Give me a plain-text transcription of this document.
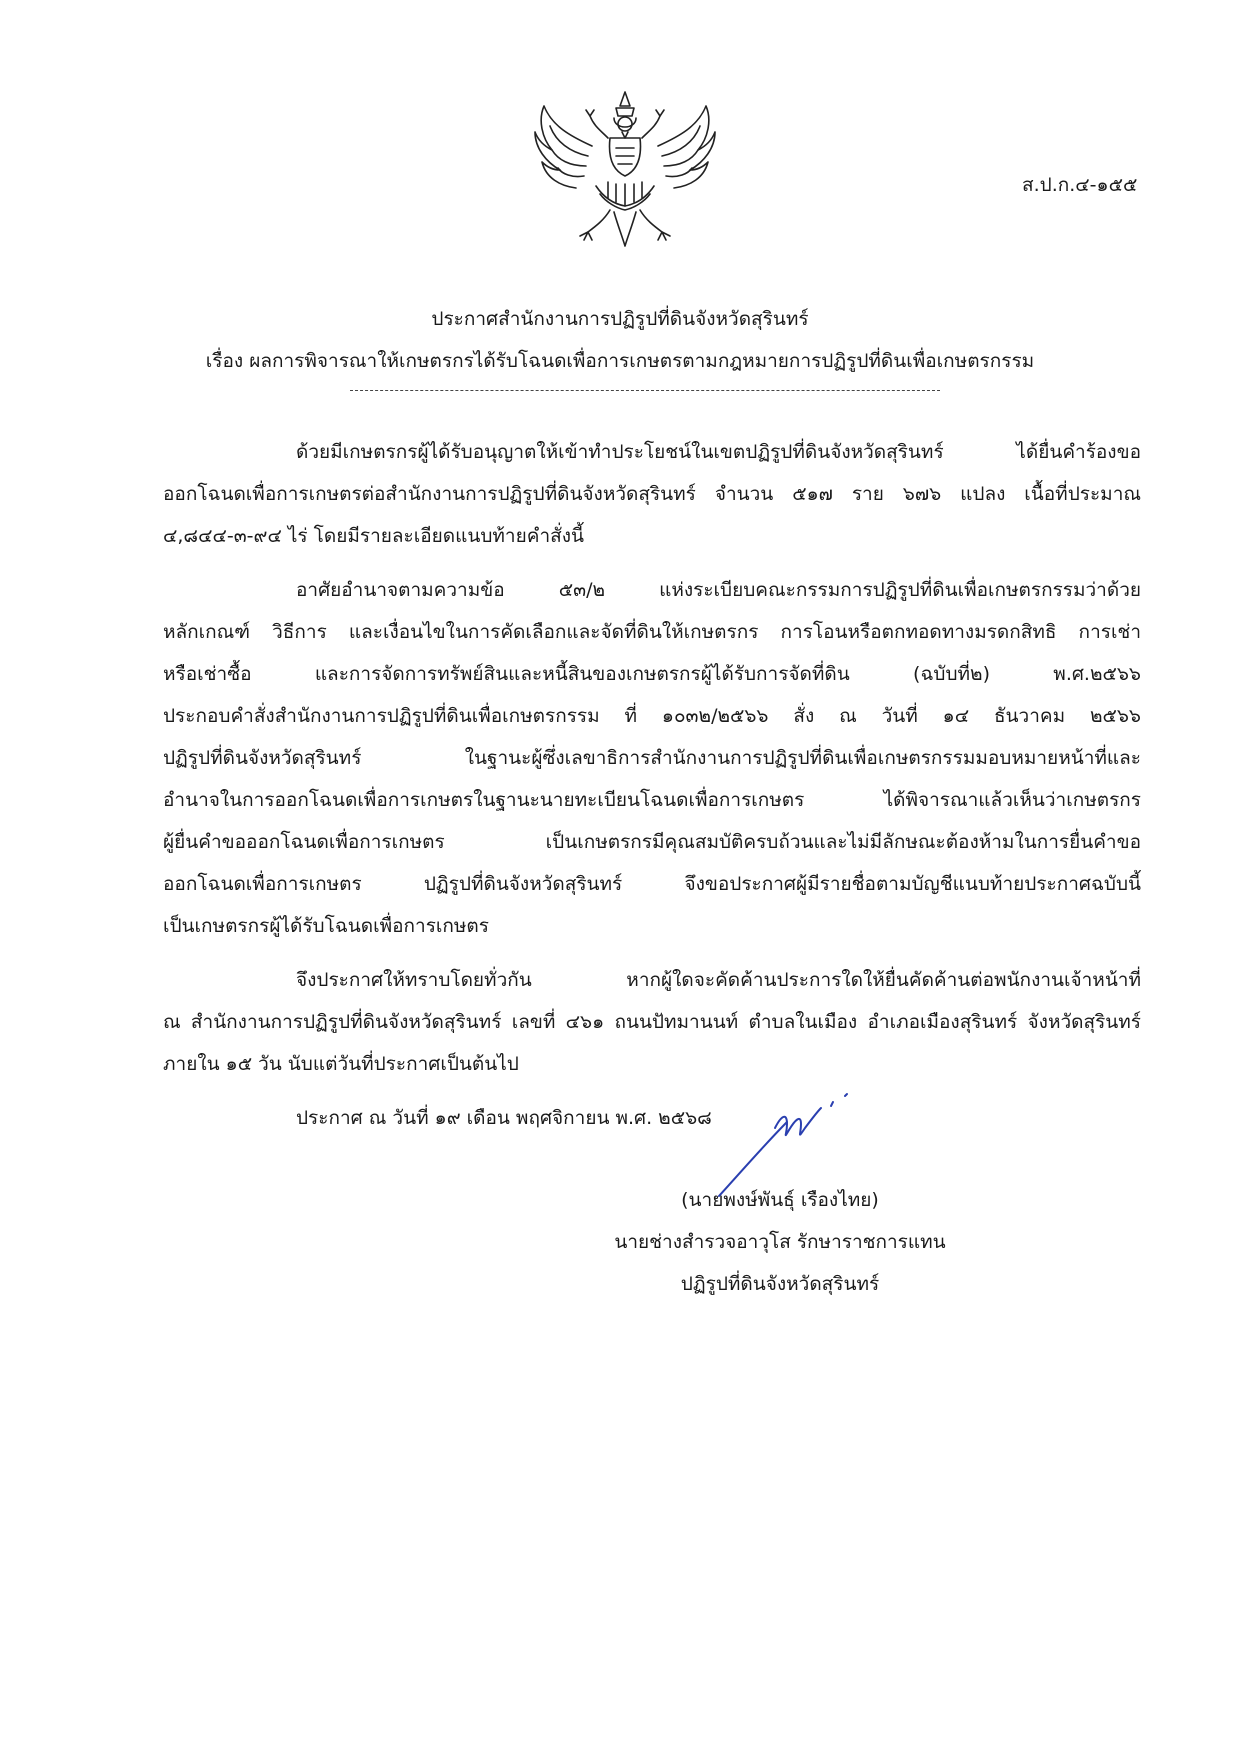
ส.ป.ก.๔-๑๕๕
ประกาศสำนักงานการปฏิรูปที่ดินจังหวัดสุรินทร์
เรื่อง ผลการพิจารณาให้เกษตรกรได้รับโฉนดเพื่อการเกษตรตามกฎหมายการปฏิรูปที่ดินเพื่อเกษตรกรรม
ด้วยมีเกษตรกรผู้ได้รับอนุญาตให้เข้าทำประโยชน์ในเขตปฏิรูปที่ดินจังหวัดสุรินทร์ ได้ยื่นคำร้องขอ
ออกโฉนดเพื่อการเกษตรต่อสำนักงานการปฏิรูปที่ดินจังหวัดสุรินทร์ จำนวน ๕๑๗ ราย ๖๗๖ แปลง เนื้อที่ประมาณ
๔,๘๔๔-๓-๙๔ ไร่ โดยมีรายละเอียดแนบท้ายคำสั่งนี้
อาศัยอำนาจตามความข้อ ๕๓/๒ แห่งระเบียบคณะกรรมการปฏิรูปที่ดินเพื่อเกษตรกรรมว่าด้วย
หลักเกณฑ์ วิธีการ และเงื่อนไขในการคัดเลือกและจัดที่ดินให้เกษตรกร การโอนหรือตกทอดทางมรดกสิทธิ การเช่า
หรือเช่าซื้อ และการจัดการทรัพย์สินและหนี้สินของเกษตรกรผู้ได้รับการจัดที่ดิน (ฉบับที่๒) พ.ศ.๒๕๖๖
ประกอบคำสั่งสำนักงานการปฏิรูปที่ดินเพื่อเกษตรกรรม ที่ ๑๐๓๒/๒๕๖๖ สั่ง ณ วันที่ ๑๔ ธันวาคม ๒๕๖๖
ปฏิรูปที่ดินจังหวัดสุรินทร์ ในฐานะผู้ซึ่งเลขาธิการสำนักงานการปฏิรูปที่ดินเพื่อเกษตรกรรมมอบหมายหน้าที่และ
อำนาจในการออกโฉนดเพื่อการเกษตรในฐานะนายทะเบียนโฉนดเพื่อการเกษตร ได้พิจารณาแล้วเห็นว่าเกษตรกร
ผู้ยื่นคำขอออกโฉนดเพื่อการเกษตร เป็นเกษตรกรมีคุณสมบัติครบถ้วนและไม่มีลักษณะต้องห้ามในการยื่นคำขอ
ออกโฉนดเพื่อการเกษตร ปฏิรูปที่ดินจังหวัดสุรินทร์ จึงขอประกาศผู้มีรายชื่อตามบัญชีแนบท้ายประกาศฉบับนี้
เป็นเกษตรกรผู้ได้รับโฉนดเพื่อการเกษตร
จึงประกาศให้ทราบโดยทั่วกัน หากผู้ใดจะคัดค้านประการใดให้ยื่นคัดค้านต่อพนักงานเจ้าหน้าที่
ณ สำนักงานการปฏิรูปที่ดินจังหวัดสุรินทร์ เลขที่ ๔๖๑ ถนนปัทมานนท์ ตำบลในเมือง อำเภอเมืองสุรินทร์ จังหวัดสุรินทร์
ภายใน ๑๕ วัน นับแต่วันที่ประกาศเป็นต้นไป
ประกาศ ณ วันที่ ๑๙ เดือน พฤศจิกายน พ.ศ. ๒๕๖๘
(นายพงษ์พันธุ์ เรืองไทย)
นายช่างสำรวจอาวุโส รักษาราชการแทน
ปฏิรูปที่ดินจังหวัดสุรินทร์
